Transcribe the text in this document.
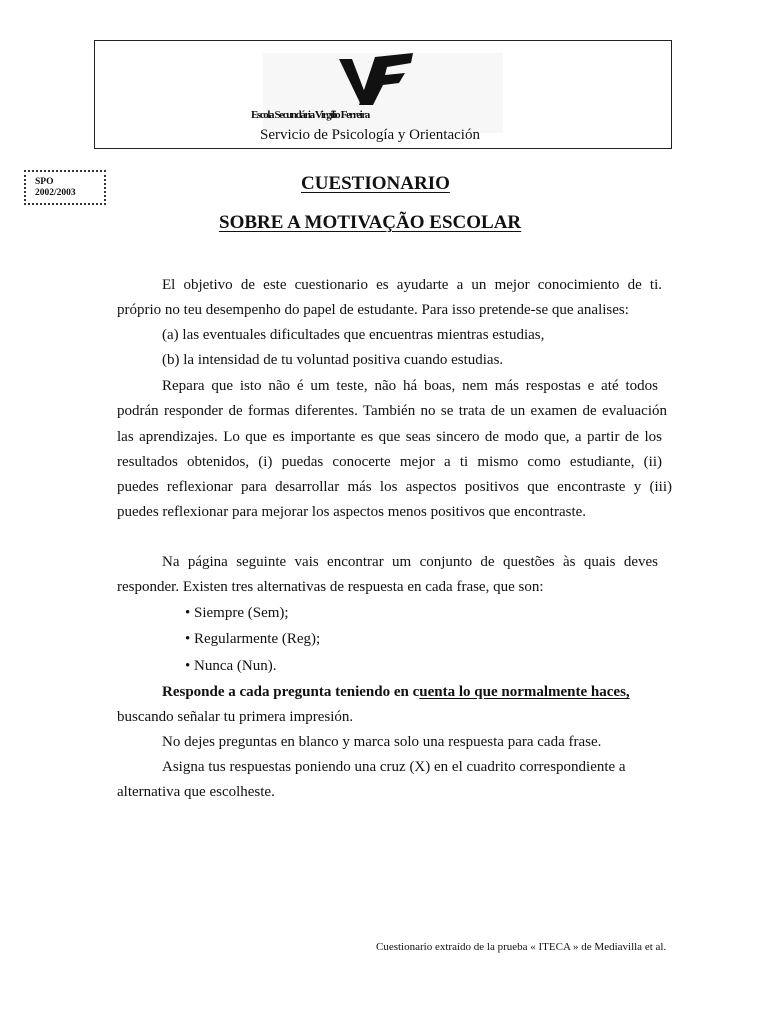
Escola Secundária Virgílio Ferreira
Servicio de Psicología y Orientación
SPO
2002/2003	CUESTIONARIO
SOBRE A MOTIVAÇÃO ESCOLAR
El objetivo de este cuestionario es ayudarte a un mejor conocimiento de ti.
próprio no teu desempenho do papel de estudante. Para isso pretende-se que analises:
(a) las eventuales dificultades que encuentras mientras estudias,
(b) la intensidad de tu voluntad positiva cuando estudias.
Repara que isto não é um teste, não há boas, nem más respostas e até todos
podrán responder de formas diferentes. También no se trata de un examen de evaluación
las aprendizajes. Lo que es importante es que seas sincero de modo que, a partir de los
resultados obtenidos, (i) puedas conocerte mejor a ti mismo como estudiante, (ii)
puedes reflexionar para desarrollar más los aspectos positivos que encontraste y (iii)
puedes reflexionar para mejorar los aspectos menos positivos que encontraste.
Na página seguinte vais encontrar um conjunto de questões às quais deves
responder. Existen tres alternativas de respuesta en cada frase, que son:
• Siempre (Sem);
• Regularmente (Reg);
• Nunca (Nun).
Responde a cada pregunta teniendo en cuenta lo que normalmente haces,
buscando señalar tu primera impresión.
No dejes preguntas en blanco y marca solo una respuesta para cada frase.
Asigna tus respuestas poniendo una cruz (X) en el cuadrito correspondiente a
alternativa que escolheste.
Cuestionario extraído de la prueba « ITECA » de Mediavilla et al.
